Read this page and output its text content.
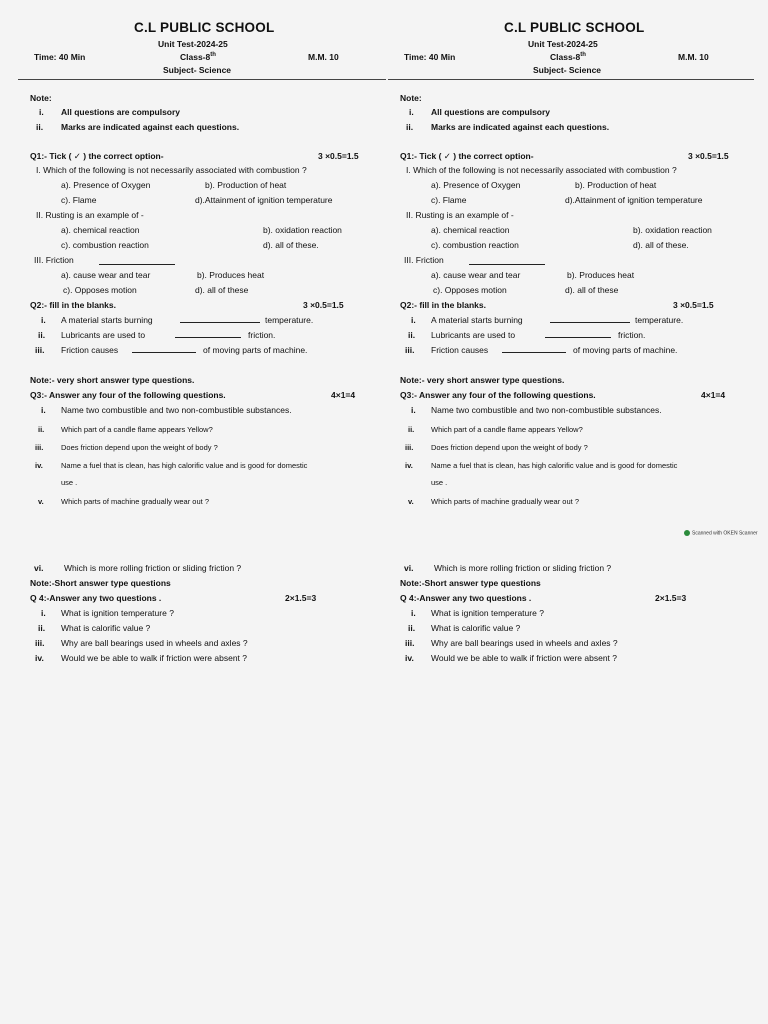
C.L PUBLIC SCHOOL
Unit Test-2024-25
Time: 40 Min	Class-8th	M.M. 10
Subject- Science
Note:
i. All questions are compulsory
ii. Marks are indicated against each questions.
Q1:- Tick ( ✓ ) the correct option-	3 ×0.5=1.5
I. Which of the following is not necessarily associated with combustion ?
a). Presence of Oxygen	b). Production of heat
c). Flame	d).Attainment of ignition temperature
II. Rusting is an example of -
a). chemical reaction	b). oxidation reaction
c). combustion reaction	d). all of these.
III. Friction
a). cause wear and tear	b). Produces heat
c). Opposes motion	d). all of these
Q2:- fill in the blanks.	3 ×0.5=1.5
i. A material starts burning	temperature.
ii. Lubricants are used to	friction.
iii. Friction causes	of moving parts of machine.
Note:- very short answer type questions.
Q3:- Answer any four of the following questions.	4×1=4
i. Name two combustible and two non-combustible substances.
ii. Which part of a candle flame appears Yellow?
iii. Does friction depend upon the weight of body ?
iv. Name a fuel that is clean, has high calorific value and is good for domestic
use .
v. Which parts of machine gradually wear out ?
vi. Which is more rolling friction or sliding friction ?
Note:-Short answer type questions
Q 4:-Answer any two questions .	2×1.5=3
i. What is ignition temperature ?
ii. What is calorific value ?
iii. Why are ball bearings used in wheels and axles ?
iv. Would we be able to walk if friction were absent ?
C.L PUBLIC SCHOOL
Unit Test-2024-25
Time: 40 Min	Class-8th	M.M. 10
Subject- Science
Note:
i. All questions are compulsory
ii. Marks are indicated against each questions.
Q1:- Tick ( ✓ ) the correct option-	3 ×0.5=1.5
I. Which of the following is not necessarily associated with combustion ?
a). Presence of Oxygen	b). Production of heat
c). Flame	d).Attainment of ignition temperature
II. Rusting is an example of -
a). chemical reaction	b). oxidation reaction
c). combustion reaction	d). all of these.
III. Friction
a). cause wear and tear	b). Produces heat
c). Opposes motion	d). all of these
Q2:- fill in the blanks.	3 ×0.5=1.5
i. A material starts burning	temperature.
ii. Lubricants are used to	friction.
iii. Friction causes	of moving parts of machine.
Note:- very short answer type questions.
Q3:- Answer any four of the following questions.	4×1=4
i. Name two combustible and two non-combustible substances.
ii. Which part of a candle flame appears Yellow?
iii. Does friction depend upon the weight of body ?
iv. Name a fuel that is clean, has high calorific value and is good for domestic
use .
v. Which parts of machine gradually wear out ?
vi. Which is more rolling friction or sliding friction ?
Note:-Short answer type questions
Q 4:-Answer any two questions .	2×1.5=3
i. What is ignition temperature ?
ii. What is calorific value ?
iii. Why are ball bearings used in wheels and axles ?
iv. Would we be able to walk if friction were absent ?
Scanned with OKEN Scanner
